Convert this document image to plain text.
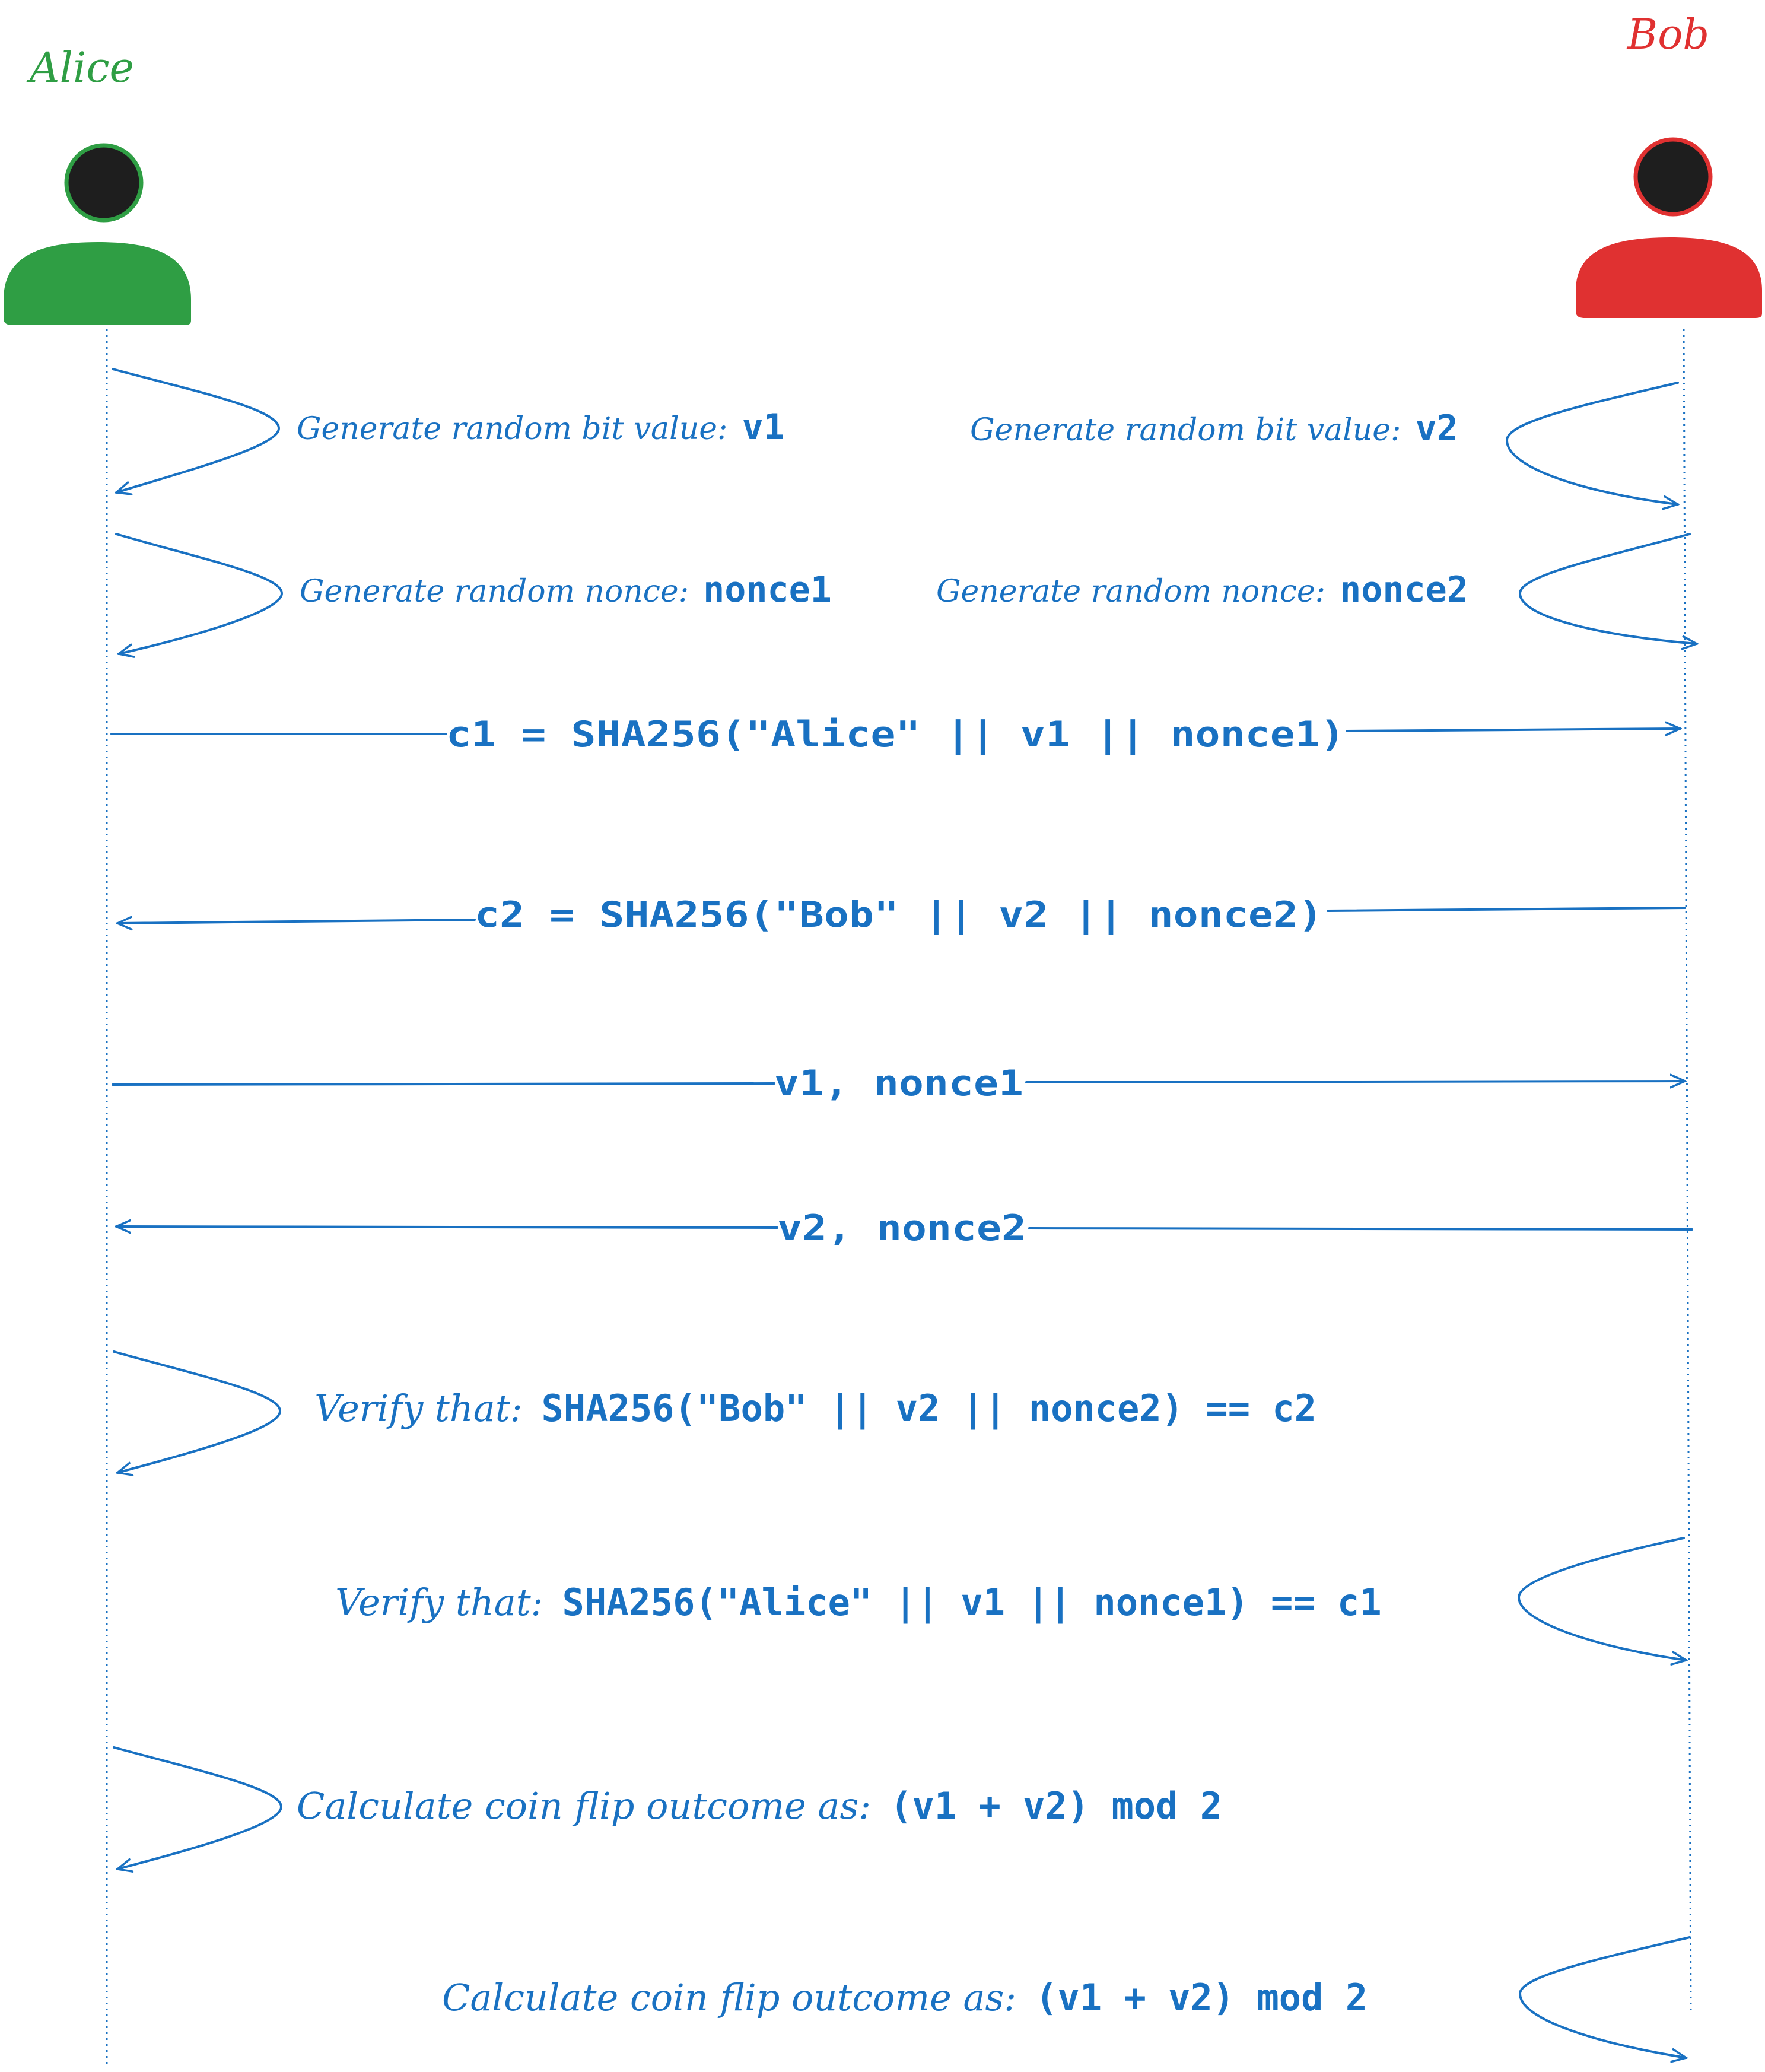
Alice
Bob
Generate random bit value: v1	Generate random bit value: v2
Generate random nonce: nonce1	Generate random nonce: nonce2
c1 = SHA256("Alice" || v1 || nonce1)
c2 = SHA256("Bob" || v2 || nonce2)
v1, nonce1
v2, nonce2
Verify that: SHA256("Bob" || v2 || nonce2) == c2
Verify that: SHA256("Alice" || v1 || nonce1) == c1
Calculate coin flip outcome as: (v1 + v2) mod 2
Calculate coin flip outcome as: (v1 + v2) mod 2
